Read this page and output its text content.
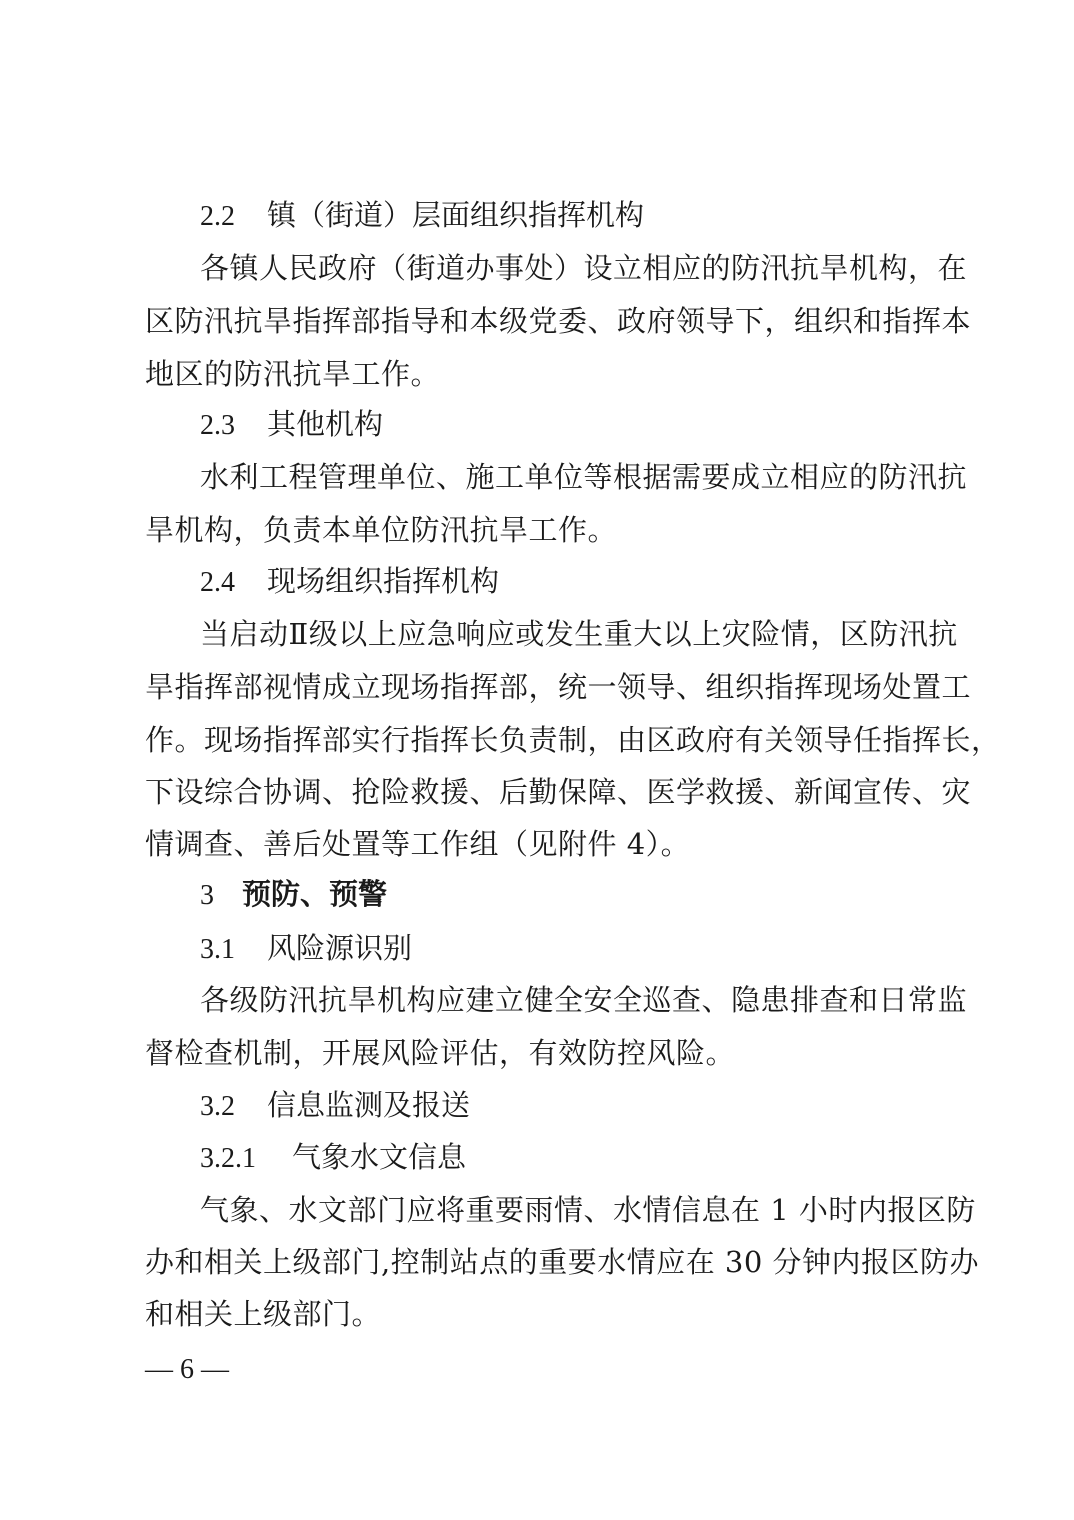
2.2 镇（街道）层面组织指挥机构
各镇人民政府（街道办事处）设立相应的防汛抗旱机构，在
区防汛抗旱指挥部指导和本级党委、政府领导下，组织和指挥本
地区的防汛抗旱工作。
2.3 其他机构
水利工程管理单位、施工单位等根据需要成立相应的防汛抗
旱机构，负责本单位防汛抗旱工作。
2.4 现场组织指挥机构
当启动Ⅱ级以上应急响应或发生重大以上灾险情，区防汛抗
旱指挥部视情成立现场指挥部，统一领导、组织指挥现场处置工
作。现场指挥部实行指挥长负责制，由区政府有关领导任指挥长，
下设综合协调、抢险救援、后勤保障、医学救援、新闻宣传、灾
情调查、善后处置等工作组（见附件 4）。
3 预防、预警
3.1 风险源识别
各级防汛抗旱机构应建立健全安全巡查、隐患排查和日常监
督检查机制，开展风险评估，有效防控风险。
3.2 信息监测及报送
3.2.1 气象水文信息
气象、水文部门应将重要雨情、水情信息在 1 小时内报区防
办和相关上级部门,控制站点的重要水情应在 30 分钟内报区防办
和相关上级部门。
— 6 —
